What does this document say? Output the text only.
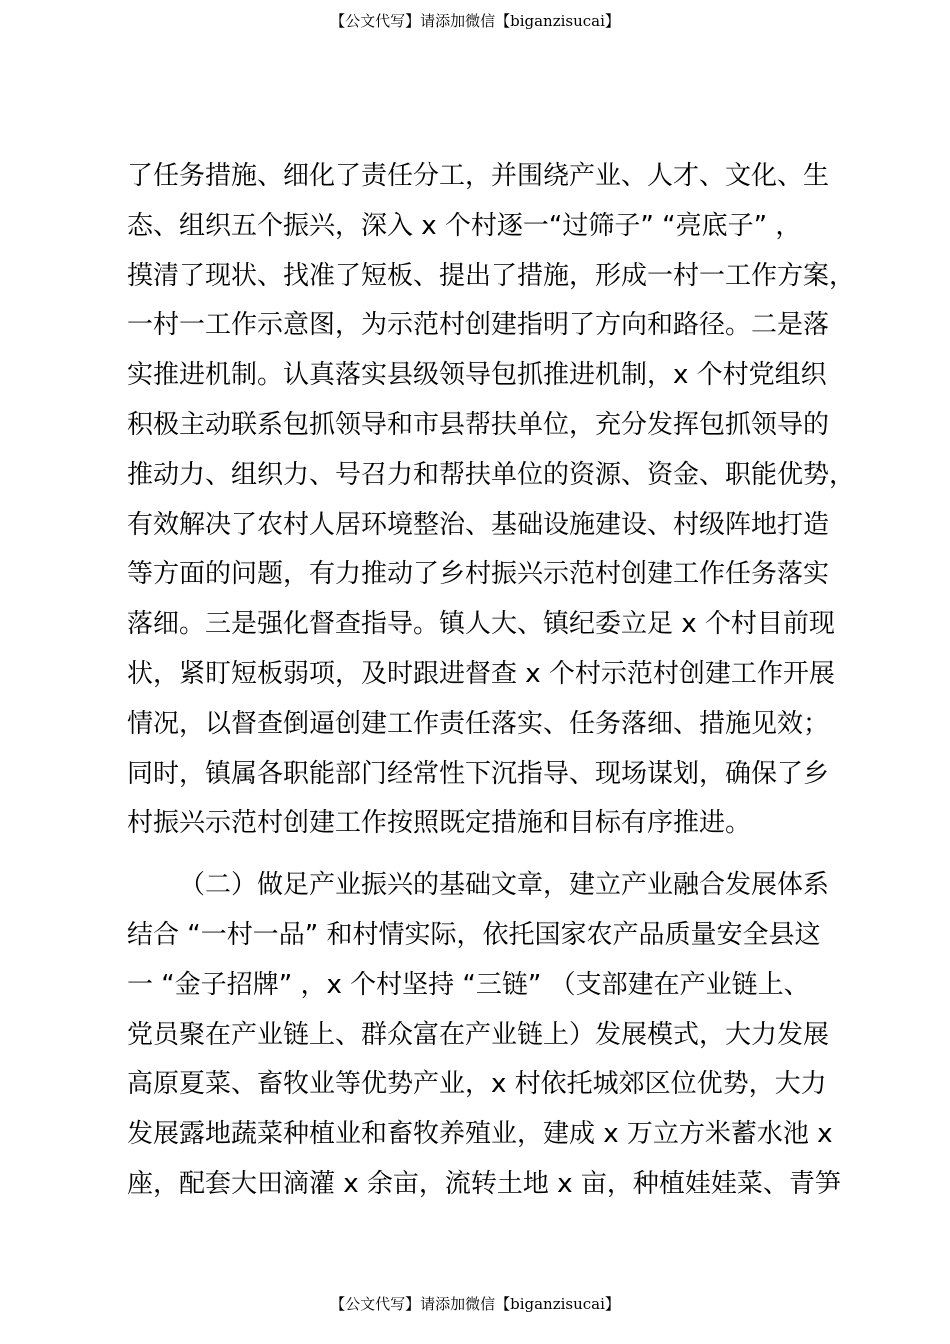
【公文代写】请添加微信【biganzisucai】
了任务措施、细化了责任分工，并围绕产业、人才、文化、生
态、组织五个振兴，深入 x 个村逐一“过筛子” “亮底子” ，
摸清了现状、找准了短板、提出了措施，形成一村一工作方案，
一村一工作示意图，为示范村创建指明了方向和路径。二是落
实推进机制。认真落实县级领导包抓推进机制，x 个村党组织
积极主动联系包抓领导和市县帮扶单位，充分发挥包抓领导的
推动力、组织力、号召力和帮扶单位的资源、资金、职能优势，
有效解决了农村人居环境整治、基础设施建设、村级阵地打造
等方面的问题，有力推动了乡村振兴示范村创建工作任务落实
落细。三是强化督查指导。镇人大、镇纪委立足 x 个村目前现
状，紧盯短板弱项，及时跟进督查 x 个村示范村创建工作开展
情况，以督查倒逼创建工作责任落实、任务落细、措施见效；
同时，镇属各职能部门经常性下沉指导、现场谋划，确保了乡
村振兴示范村创建工作按照既定措施和目标有序推进。
（二）做足产业振兴的基础文章，建立产业融合发展体系
结合 “一村一品” 和村情实际，依托国家农产品质量安全县这
一 “金子招牌” ，x 个村坚持 “三链” （支部建在产业链上、
党员聚在产业链上、群众富在产业链上）发展模式，大力发展
高原夏菜、畜牧业等优势产业，x 村依托城郊区位优势，大力
发展露地蔬菜种植业和畜牧养殖业，建成 x 万立方米蓄水池 x
座，配套大田滴灌 x 余亩，流转土地 x 亩，种植娃娃菜、青笋
【公文代写】请添加微信【biganzisucai】
